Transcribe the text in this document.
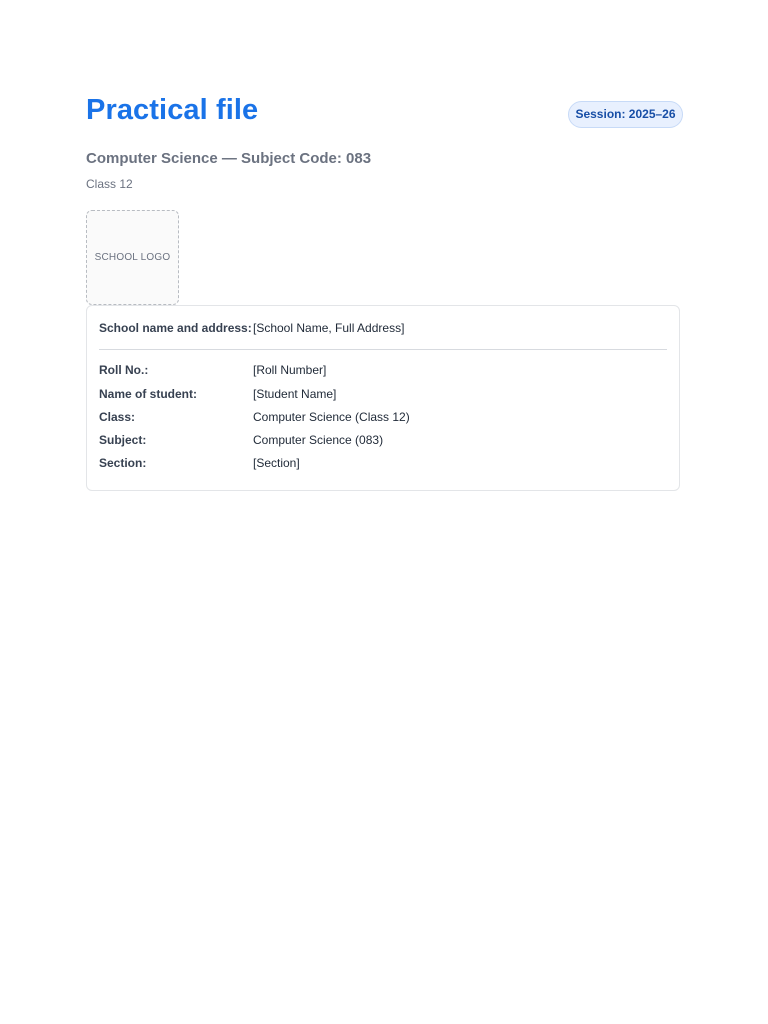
Practical file	Session: 2025–26
Computer Science — Subject Code: 083
Class 12
SCHOOL LOGO
School name and address: [School Name, Full Address]
Roll No.:	[Roll Number]
Name of student:	[Student Name]
Class:	Computer Science (Class 12)
Subject:	Computer Science (083)
Section:	[Section]
